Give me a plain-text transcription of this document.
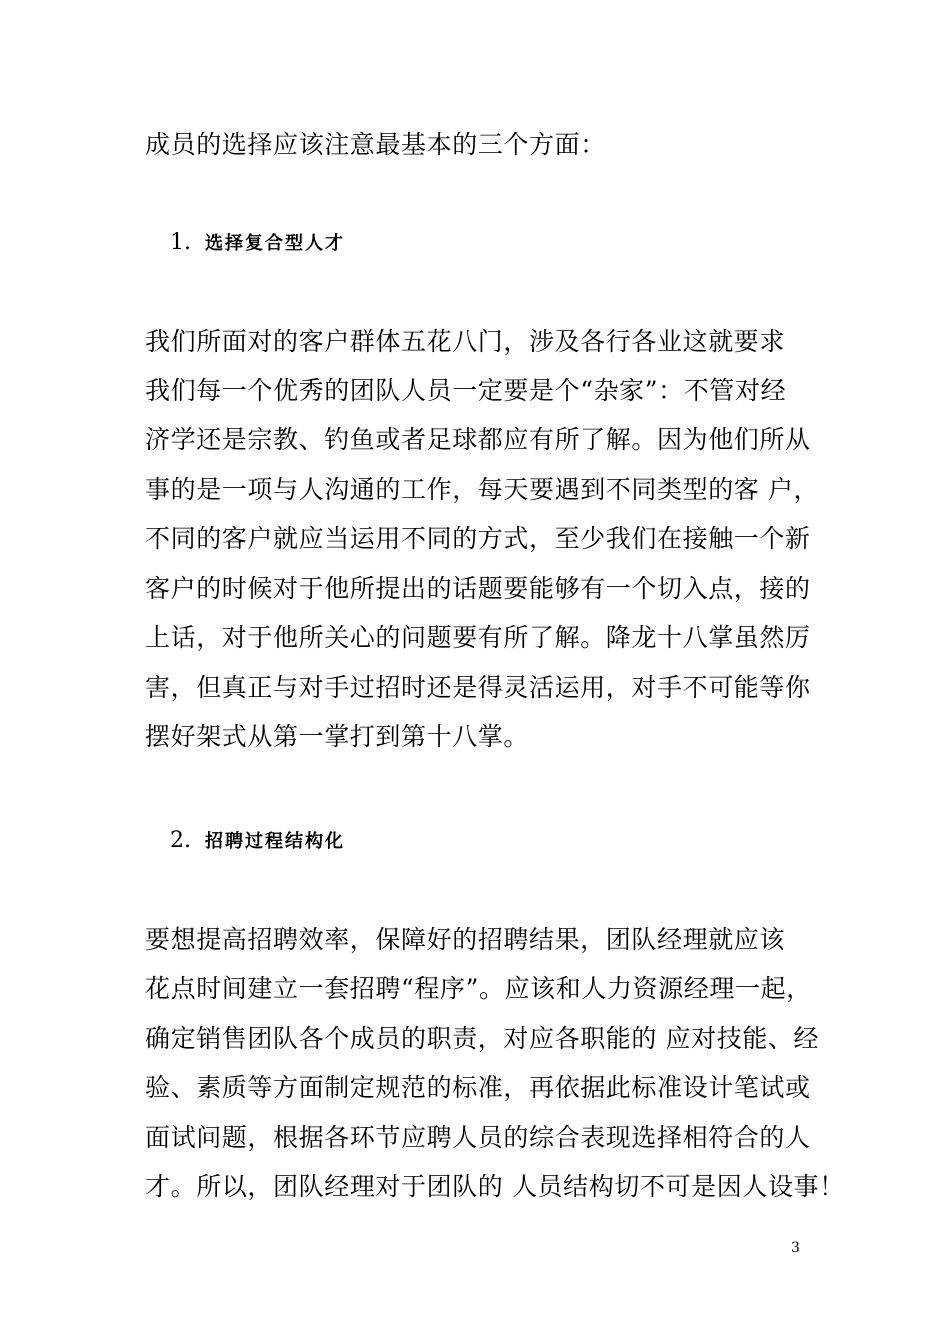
成员的选择应该注意最基本的三个方面：
1. 选择复合型人才
我们所面对的客户群体五花八门，涉及各行各业这就要求
我们每一个优秀的团队人员一定要是个“杂家”：不管对经
济学还是宗教、钓鱼或者足球都应有所了解。因为他们所从
事的是一项与人沟通的工作，每天要遇到不同类型的客 户，
不同的客户就应当运用不同的方式，至少我们在接触一个新
客户的时候对于他所提出的话题要能够有一个切入点，接的
上话，对于他所关心的问题要有所了解。降龙十八掌虽然厉
害，但真正与对手过招时还是得灵活运用，对手不可能等你
摆好架式从第一掌打到第十八掌。
2. 招聘过程结构化
要想提高招聘效率，保障好的招聘结果，团队经理就应该
花点时间建立一套招聘“程序”。应该和人力资源经理一起，
确定销售团队各个成员的职责，对应各职能的 应对技能、经
验、素质等方面制定规范的标准，再依据此标准设计笔试或
面试问题，根据各环节应聘人员的综合表现选择相符合的人
才。所以，团队经理对于团队的 人员结构切不可是因人设事！
3
